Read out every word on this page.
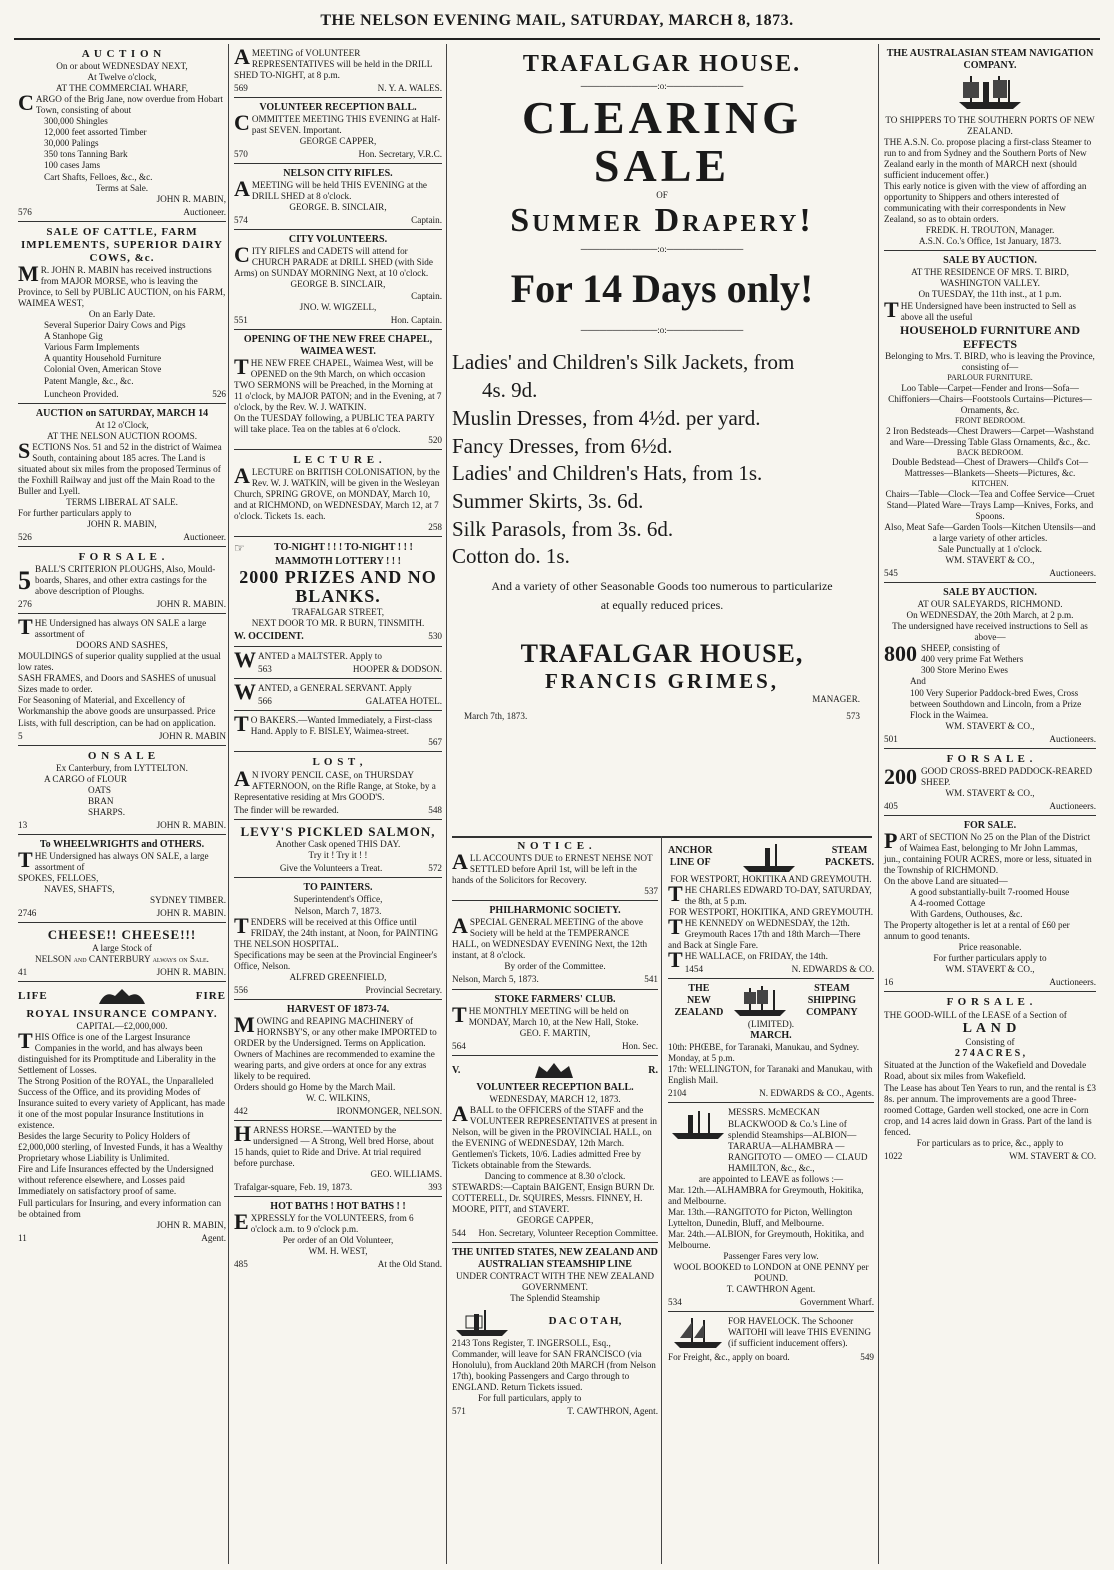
THE NELSON EVENING MAIL, SATURDAY, MARCH 8, 1873.
A U C T I O N
On or about WEDNESDAY NEXT,
At Twelve o'clock,
AT THE COMMERCIAL WHARF,
CARGO of the Brig Jane, now overdue from Hobart Town, consisting of about
300,000 Shingles
12,000 feet assorted Timber
30,000 Palings
350 tons Tanning Bark
100 cases Jams
Cart Shafts, Felloes, &c., &c.
Terms at Sale.
JOHN R. MABIN,
576	Auctioneer.
SALE OF CATTLE, FARM IMPLEMENTS, SUPERIOR DAIRY COWS, &c.
MR. JOHN R. MABIN has received instructions from MAJOR MORSE, who is leaving the Province, to Sell by PUBLIC AUCTION, on his FARM, WAIMEA WEST,
On an Early Date.
Several Superior Dairy Cows and Pigs
A Stanhope Gig
Various Farm Implements
A quantity Household Furniture
Colonial Oven, American Stove
Patent Mangle, &c., &c.
Luncheon Provided.	526
AUCTION on SATURDAY, MARCH 14
At 12 o'Clock,
AT THE NELSON AUCTION ROOMS.
SECTIONS Nos. 51 and 52 in the district of Waimea South, containing about 185 acres. The Land is situated about six miles from the proposed Terminus of the Foxhill Railway and just off the Main Road to the Buller and Lyell.
TERMS LIBERAL AT SALE.
For further particulars apply to
JOHN R. MABIN,
526	Auctioneer.
F O R S A L E .
5 BALL'S CRITERION PLOUGHS, Also, Mould-boards, Shares, and other extra castings for the above description of Ploughs.
276	JOHN R. MABIN.
THE Undersigned has always ON SALE a large assortment of
DOORS AND SASHES,
MOULDINGS of superior quality supplied at the usual low rates.
SASH FRAMES, and Doors and SASHES of unusual Sizes made to order.
For Seasoning of Material, and Excellency of Workmanship the above goods are unsurpassed. Price Lists, with full description, can be had on application.
5	JOHN R. MABIN
O N S A L E
Ex Canterbury, from LYTTELTON.
A CARGO of FLOUR
OATS
BRAN
SHARPS.
13	JOHN R. MABIN.
To WHEELWRIGHTS and OTHERS.
THE Undersigned has always ON SALE, a large assortment of
SPOKES, FELLOES,
NAVES, SHAFTS,
SYDNEY TIMBER.
2746	JOHN R. MABIN.
CHEESE!! CHEESE!!!
A large Stock of
NELSON and CANTERBURY always on Sale.
41	JOHN R. MABIN.
LIFE	FIRE
ROYAL INSURANCE COMPANY.
CAPITAL—£2,000,000.
THIS Office is one of the Largest Insurance Companies in the world, and has always been distinguished for its Promptitude and Liberality in the Settlement of Losses.
The Strong Position of the ROYAL, the Unparalleled Success of the Office, and its providing Modes of Insurance suited to every variety of Applicant, has made it one of the most popular Insurance Institutions in existence.
Besides the large Security to Policy Holders of £2,000,000 sterling, of Invested Funds, it has a Wealthy Proprietary whose Liability is Unlimited.
Fire and Life Insurances effected by the Undersigned without reference elsewhere, and Losses paid Immediately on satisfactory proof of same.
Full particulars for Insuring, and every information can be obtained from
JOHN R. MABIN,
11	Agent.
AMEETING of VOLUNTEER REPRESENTATIVES will be held in the DRILL SHED TO-NIGHT, at 8 p.m.
569	N. Y. A. WALES.
VOLUNTEER RECEPTION BALL.
COMMITTEE MEETING THIS EVENING at Half-past SEVEN. Important.
GEORGE CAPPER,
570	Hon. Secretary, V.R.C.
NELSON CITY RIFLES.
AMEETING will be held THIS EVENING at the DRILL SHED at 8 o'clock.
GEORGE. B. SINCLAIR,
574	Captain.
CITY VOLUNTEERS.
CITY RIFLES and CADETS will attend for CHURCH PARADE at DRILL SHED (with Side Arms) on SUNDAY MORNING Next, at 10 o'clock.
GEORGE B. SINCLAIR,
Captain.
JNO. W. WIGZELL,
551	Hon. Captain.
OPENING OF THE NEW FREE CHAPEL, WAIMEA WEST.
THE NEW FREE CHAPEL, Waimea West, will be OPENED on the 9th March, on which occasion TWO SERMONS will be Preached, in the Morning at 11 o'clock, by MAJOR PATON; and in the Evening, at 7 o'clock, by the Rev. W. J. WATKIN.
On the TUESDAY following, a PUBLIC TEA PARTY will take place. Tea on the tables at 6 o'clock.
520
L E C T U R E .
ALECTURE on BRITISH COLONISATION, by the Rev. W. J. WATKIN, will be given in the Wesleyan Church, SPRING GROVE, on MONDAY, March 10, and at RICHMOND, on WEDNESDAY, March 12, at 7 o'clock. Tickets 1s. each.
258
☞	TO-NIGHT ! ! ! TO-NIGHT ! ! !
MAMMOTH LOTTERY ! ! !
2000 PRIZES AND NO BLANKS.
TRAFALGAR STREET,
NEXT DOOR TO MR. R BURN, TINSMITH.
W. OCCIDENT.	530
WANTED a MALTSTER. Apply to
563	HOOPER & DODSON.
WANTED, a GENERAL SERVANT. Apply
566	GALATEA HOTEL.
TO BAKERS.—Wanted Immediately, a First-class Hand. Apply to F. BISLEY, Waimea-street.
567
L O S T ,
AN IVORY PENCIL CASE, on THURSDAY AFTERNOON, on the Rifle Range, at Stoke, by a Representative residing at Mrs GOOD'S.
The finder will be rewarded.	548
LEVY'S PICKLED SALMON,
Another Cask opened THIS DAY.
Try it ! Try it ! !
Give the Volunteers a Treat.	572
TO PAINTERS.
Superintendent's Office,
Nelson, March 7, 1873.
TENDERS will be received at this Office until FRIDAY, the 24th instant, at Noon, for PAINTING THE NELSON HOSPITAL.
Specifications may be seen at the Provincial Engineer's Office, Nelson.
ALFRED GREENFIELD,
556	Provincial Secretary.
HARVEST OF 1873-74.
MOWING and REAPING MACHINERY of HORNSBY'S, or any other make IMPORTED to ORDER by the Undersigned. Terms on Application.
Owners of Machines are recommended to examine the wearing parts, and give orders at once for any extras likely to be required.
Orders should go Home by the March Mail.
W. C. WILKINS,
442	IRONMONGER, NELSON.
HARNESS HORSE.—WANTED by the undersigned — A Strong, Well bred Horse, about 15 hands, quiet to Ride and Drive. At trial required before purchase.
GEO. WILLIAMS.
Trafalgar-square, Feb. 19, 1873.	393
HOT BATHS ! HOT BATHS ! !
EXPRESSLY for the VOLUNTEERS, from 6 o'clock a.m. to 9 o'clock p.m.
Per order of an Old Volunteer,
WM. H. WEST,
485	At the Old Stand.
TRAFALGAR HOUSE.
────────────:o:────────────
CLEARING SALE
OF
Summer Drapery!
────────────:o:────────────
For 14 Days only!
────────────:o:────────────
Ladies' and Children's Silk Jackets, from
4s. 9d.
Muslin Dresses, from 4½d. per yard.
Fancy Dresses, from 6½d.
Ladies' and Children's Hats, from 1s.
Summer Skirts, 3s. 6d.
Silk Parasols, from 3s. 6d.
Cotton do. 1s.
And a variety of other Seasonable Goods too numerous to particularize
at equally reduced prices.
TRAFALGAR HOUSE,
FRANCIS GRIMES,
MANAGER.
March 7th, 1873.	573
N O T I C E .
ALL ACCOUNTS DUE to ERNEST NEHSE NOT SETTLED before April 1st, will be left in the hands of the Solicitors for Recovery.
537
PHILHARMONIC SOCIETY.
ASPECIAL GENERAL MEETING of the above Society will be held at the TEMPERANCE HALL, on WEDNESDAY EVENING Next, the 12th instant, at 8 o'clock.
By order of the Committee.
Nelson, March 5, 1873.	541
STOKE FARMERS' CLUB.
THE MONTHLY MEETING will be held on MONDAY, March 10, at the New Hall, Stoke.
GEO. F. MARTIN,
564	Hon. Sec.
V.	R.
VOLUNTEER RECEPTION BALL.
WEDNESDAY, MARCH 12, 1873.
ABALL to the OFFICERS of the STAFF and the VOLUNTEER REPRESENTATIVES at present in Nelson, will be given in the PROVINCIAL HALL, on the EVENING of WEDNESDAY, 12th March.
Gentlemen's Tickets, 10/6. Ladies admitted Free by Tickets obtainable from the Stewards.
Dancing to commence at 8.30 o'clock.
STEWARDS:—Captain BAIGENT, Ensign BURN Dr. COTTERELL, Dr. SQUIRES, Messrs. FINNEY, H. MOORE, PITT, and STAVERT.
GEORGE CAPPER,
544 Hon. Secretary, Volunteer Reception Committee.
THE UNITED STATES, NEW ZEALAND AND AUSTRALIAN STEAMSHIP LINE
UNDER CONTRACT WITH THE NEW ZEALAND GOVERNMENT.
The Splendid Steamship
D A C O T A H,
2143 Tons Register, T. INGERSOLL, Esq., Commander, will leave for SAN FRANCISCO (via Honolulu), from Auckland 20th MARCH (from Nelson 17th), booking Passengers and Cargo through to ENGLAND. Return Tickets issued.
For full particulars, apply to
571	T. CAWTHRON, Agent.
ANCHOR
LINE OF
STEAM
PACKETS.
FOR WESTPORT, HOKITIKA AND GREYMOUTH.
THE CHARLES EDWARD TO-DAY, SATURDAY, the 8th, at 5 p.m.
FOR WESTPORT, HOKITIKA, AND GREYMOUTH.
THE KENNEDY on WEDNESDAY, the 12th.
Greymouth Races 17th and 18th March—There and Back at Single Fare.
THE WALLACE, on FRIDAY, the 14th.
1454	N. EDWARDS & CO.
THE
NEW ZEALAND
STEAM
SHIPPING COMPANY
(LIMITED).
MARCH.
10th: PHŒBE, for Taranaki, Manukau, and Sydney. Monday, at 5 p.m.
17th: WELLINGTON, for Taranaki and Manukau, with English Mail.
2104	N. EDWARDS & CO., Agents.
MESSRS. McMECKAN BLACKWOOD & Co.'s Line of splendid Steamships—ALBION—TARARUA—ALHAMBRA — RANGITOTO — OMEO — CLAUD HAMILTON, &c., &c.,
are appointed to LEAVE as follows :—
Mar. 12th.—ALHAMBRA for Greymouth, Hokitika, and Melbourne.
Mar. 13th.—RANGITOTO for Picton, Wellington Lyttelton, Dunedin, Bluff, and Melbourne.
Mar. 24th.—ALBION, for Greymouth, Hokitika, and Melbourne.
Passenger Fares very low.
WOOL BOOKED to LONDON at ONE PENNY per POUND.
T. CAWTHRON Agent.
534	Government Wharf.
FOR HAVELOCK. The Schooner WAITOHI will leave THIS EVENING (if sufficient inducement offers).
For Freight, &c., apply on board.	549
THE AUSTRALASIAN STEAM NAVIGATION COMPANY.
TO SHIPPERS TO THE SOUTHERN PORTS OF NEW ZEALAND.
THE A.S.N. Co. propose placing a first-class Steamer to run to and from Sydney and the Southern Ports of New Zealand early in the month of MARCH next (should sufficient inducement offer.)
This early notice is given with the view of affording an opportunity to Shippers and others interested of communicating with their correspondents in New Zealand, so as to obtain orders.
FREDK. H. TROUTON, Manager.
A.S.N. Co.'s Office, 1st January, 1873.
SALE BY AUCTION.
AT THE RESIDENCE OF MRS. T. BIRD,
WASHINGTON VALLEY.
On TUESDAY, the 11th inst., at 1 p.m.
THE Undersigned have been instructed to Sell as above all the useful
HOUSEHOLD FURNITURE AND EFFECTS
Belonging to Mrs. T. BIRD, who is leaving the Province, consisting of—
PARLOUR FURNITURE.
Loo Table—Carpet—Fender and Irons—Sofa—Chiffoniers—Chairs—Footstools Curtains—Pictures—Ornaments, &c.
FRONT BEDROOM.
2 Iron Bedsteads—Chest Drawers—Carpet—Washstand and Ware—Dressing Table Glass Ornaments, &c., &c.
BACK BEDROOM.
Double Bedstead—Chest of Drawers—Child's Cot—Mattresses—Blankets—Sheets—Pictures, &c.
KITCHEN.
Chairs—Table—Clock—Tea and Coffee Service—Cruet Stand—Plated Ware—Trays Lamp—Knives, Forks, and Spoons.
Also, Meat Safe—Garden Tools—Kitchen Utensils—and a large variety of other articles.
Sale Punctually at 1 o'clock.
WM. STAVERT & CO.,
545	Auctioneers.
SALE BY AUCTION.
AT OUR SALEYARDS, RICHMOND.
On WEDNESDAY, the 20th March, at 2 p.m.
The undersigned have received instructions to Sell as above—
800 SHEEP, consisting of
400 very prime Fat Wethers
300 Store Merino Ewes
And
100 Very Superior Paddock-bred Ewes, Cross between Southdown and Lincoln, from a Prize Flock in the Waimea.
WM. STAVERT & CO.,
501	Auctioneers.
F O R S A L E .
200 GOOD CROSS-BRED PADDOCK-REARED SHEEP.
WM. STAVERT & CO.,
405	Auctioneers.
FOR SALE.
PART of SECTION No 25 on the Plan of the District of Waimea East, belonging to Mr John Lammas, jun., containing FOUR ACRES, more or less, situated in the Township of RICHMOND.
On the above Land are situated—
A good substantially-built 7-roomed House
A 4-roomed Cottage
With Gardens, Outhouses, &c.
The Property altogether is let at a rental of £60 per annum to good tenants.
Price reasonable.
For further particulars apply to
WM. STAVERT & CO.,
16	Auctioneers.
F O R S A L E .
THE GOOD-WILL of the LEASE of a Section of
L A N D
Consisting of
2 7 4 A C R E S ,
Situated at the Junction of the Wakefield and Dovedale Road, about six miles from Wakefield.
The Lease has about Ten Years to run, and the rental is £3 8s. per annum. The improvements are a good Three-roomed Cottage, Garden well stocked, one acre in Corn crop, and 14 acres laid down in Grass. Part of the land is fenced.
For particulars as to price, &c., apply to
1022	WM. STAVERT & CO.
